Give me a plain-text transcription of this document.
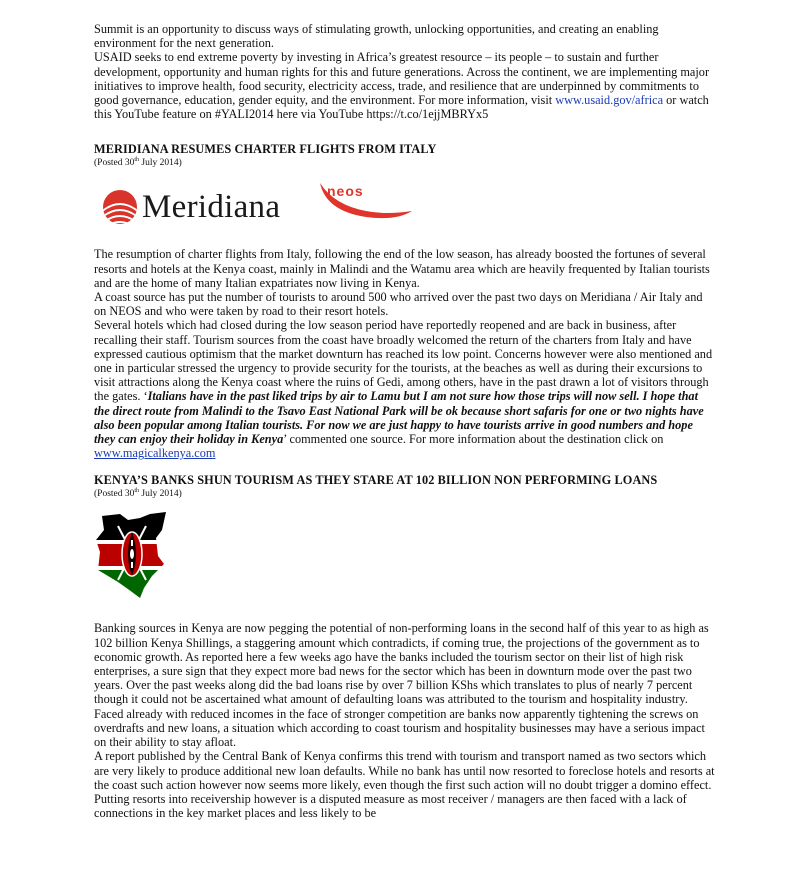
Summit is an opportunity to discuss ways of stimulating growth, unlocking opportunities, and creating an enabling environment for the next generation.

USAID seeks to end extreme poverty by investing in Africa’s greatest resource – its people – to sustain and further development, opportunity and human rights for this and future generations. Across the continent, we are implementing major initiatives to improve health, food security, electricity access, trade, and resilience that are underpinned by commitments to good governance, education, gender equity, and the environment. For more information, visit www.usaid.gov/africa or watch this YouTube feature on #YALI2014 here via YouTube https://t.co/1ejjMBRYx5

MERIDIANA RESUMES CHARTER FLIGHTS FROM ITALY
(Posted 30th July 2014)
Meridiana	neos

The resumption of charter flights from Italy, following the end of the low season, has already boosted the fortunes of several resorts and hotels at the Kenya coast, mainly in Malindi and the Watamu area which are heavily frequented by Italian tourists and are the home of many Italian expatriates now living in Kenya.

A coast source has put the number of tourists to around 500 who arrived over the past two days on Meridiana / Air Italy and on NEOS and who were taken by road to their resort hotels.

Several hotels which had closed during the low season period have reportedly reopened and are back in business, after recalling their staff. Tourism sources from the coast have broadly welcomed the return of the charters from Italy and have expressed cautious optimism that the market downturn has reached its low point. Concerns however were also mentioned and one in particular stressed the urgency to provide security for the tourists, at the beaches as well as during their excursions to visit attractions along the Kenya coast where the ruins of Gedi, among others, have in the past drawn a lot of visitors through the gates. ‘Italians have in the past liked trips by air to Lamu but I am not sure how those trips will now sell. I hope that the direct route from Malindi to the Tsavo East National Park will be ok because short safaris for one or two nights have also been popular among Italian tourists. For now we are just happy to have tourists arrive in good numbers and hope they can enjoy their holiday in Kenya’ commented one source. For more information about the destination click on www.magicalkenya.com

KENYA’S BANKS SHUN TOURISM AS THEY STARE AT 102 BILLION NON PERFORMING LOANS
(Posted 30th July 2014)

Banking sources in Kenya are now pegging the potential of non-performing loans in the second half of this year to as high as 102 billion Kenya Shillings, a staggering amount which contradicts, if coming true, the projections of the government as to economic growth. As reported here a few weeks ago have the banks included the tourism sector on their list of high risk enterprises, a sure sign that they expect more bad news for the sector which has been in downturn mode over the past two years. Over the past weeks along did the bad loans rise by over 7 billion KShs which translates to plus of nearly 7 percent though it could not be ascertained what amount of defaulting loans was attributed to the tourism and hospitality industry. Faced already with reduced incomes in the face of stronger competition are banks now apparently tightening the screws on overdrafts and new loans, a situation which according to coast tourism and hospitality businesses may have a serious impact on their ability to stay afloat.

A report published by the Central Bank of Kenya confirms this trend with tourism and transport named as two sectors which are very likely to produce additional new loan defaults. While no bank has until now resorted to foreclose hotels and resorts at the coast such action however now seems more likely, even though the first such action will no doubt trigger a domino effect. Putting resorts into receivership however is a disputed measure as most receiver / managers are then faced with a lack of connections in the key market places and less likely to be
